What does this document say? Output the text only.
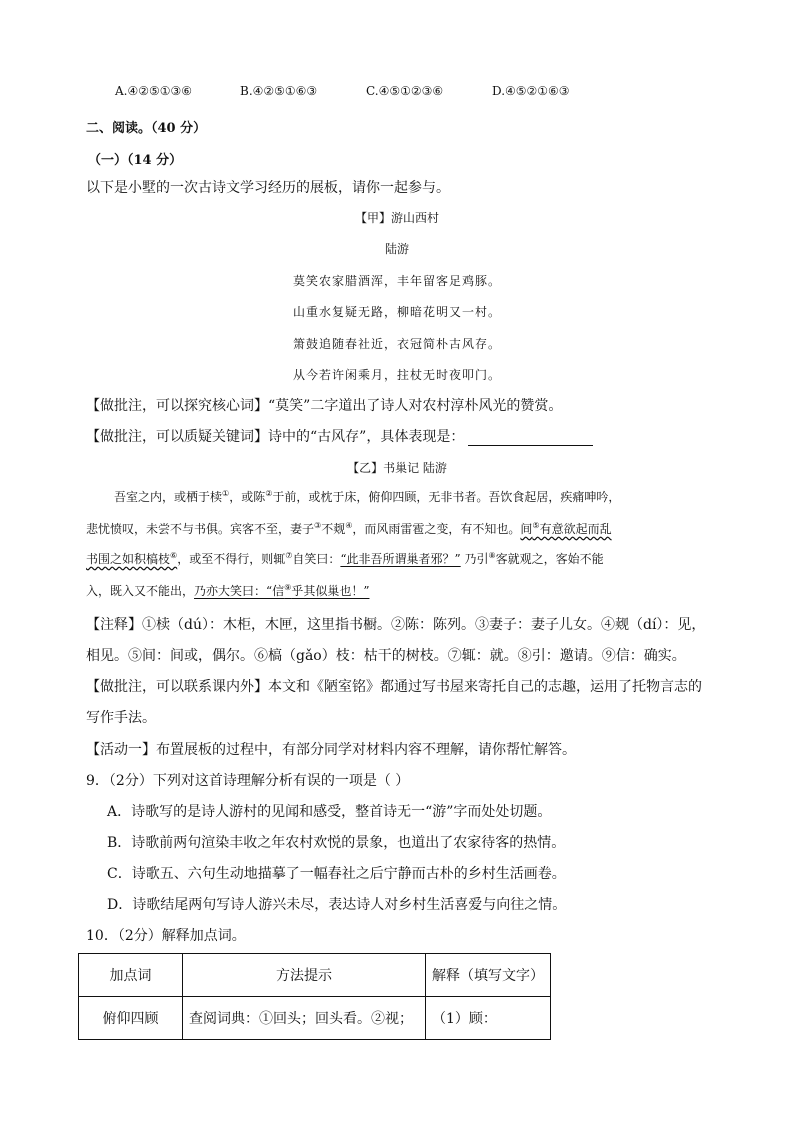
A.④②⑤①③⑥	B.④②⑤①⑥③	C.④⑤①②③⑥	D.④⑤②①⑥③
二、阅读。（40 分）
（一）（14 分）
以下是小墅的一次古诗文学习经历的展板，请你一起参与。
【甲】游山西村
陆游
莫笑农家腊酒浑，丰年留客足鸡豚。
山重水复疑无路，柳暗花明又一村。
箫鼓追随春社近，衣冠简朴古风存。
从今若许闲乘月，拄杖无时夜叩门。
【做批注，可以探究核心词】“莫笑”二字道出了诗人对农村淳朴风光的赞赏。
【做批注，可以质疑关键词】诗中的“古风存”，具体表现是：
【乙】书巢记 陆游
吾室之内，或栖于椟①，或陈②于前，或枕于床，俯仰四顾，无非书者。吾饮食起居，疾痛呻吟，
悲忧愤叹，未尝不与书俱。宾客不至，妻子③不觌④，而风雨雷雹之变，有不知也。间⑤有意欲起而乱
书围之如积槁枝⑥，或至不得行，则辄⑦自笑曰：“此非吾所谓巢者邪？” 乃引⑧客就观之，客始不能
入，既入又不能出，乃亦大笑曰：“信⑨乎其似巢也！”
【注释】①椟（dú）：木柜，木匣，这里指书橱。②陈：陈列。③妻子：妻子儿女。④觌（dí）：见，
相见。⑤间：间或，偶尔。⑥槁（gǎo）枝：枯干的树枝。⑦辄：就。⑧引：邀请。⑨信：确实。
【做批注，可以联系课内外】本文和《陋室铭》都通过写书屋来寄托自己的志趣，运用了托物言志的
写作手法。
【活动一】布置展板的过程中，有部分同学对材料内容不理解，请你帮忙解答。
9．（2分）下列对这首诗理解分析有误的一项是（ ）
A．诗歌写的是诗人游村的见闻和感受，整首诗无一“游”字而处处切题。
B．诗歌前两句渲染丰收之年农村欢悦的景象，也道出了农家待客的热情。
C．诗歌五、六句生动地描摹了一幅春社之后宁静而古朴的乡村生活画卷。
D．诗歌结尾两句写诗人游兴未尽，表达诗人对乡村生活喜爱与向往之情。
10．（2分）解释加点词。
加点词	方法提示	解释（填写文字）
俯仰四顾	查阅词典：①回头；回头看。②视；	（1）顾：
